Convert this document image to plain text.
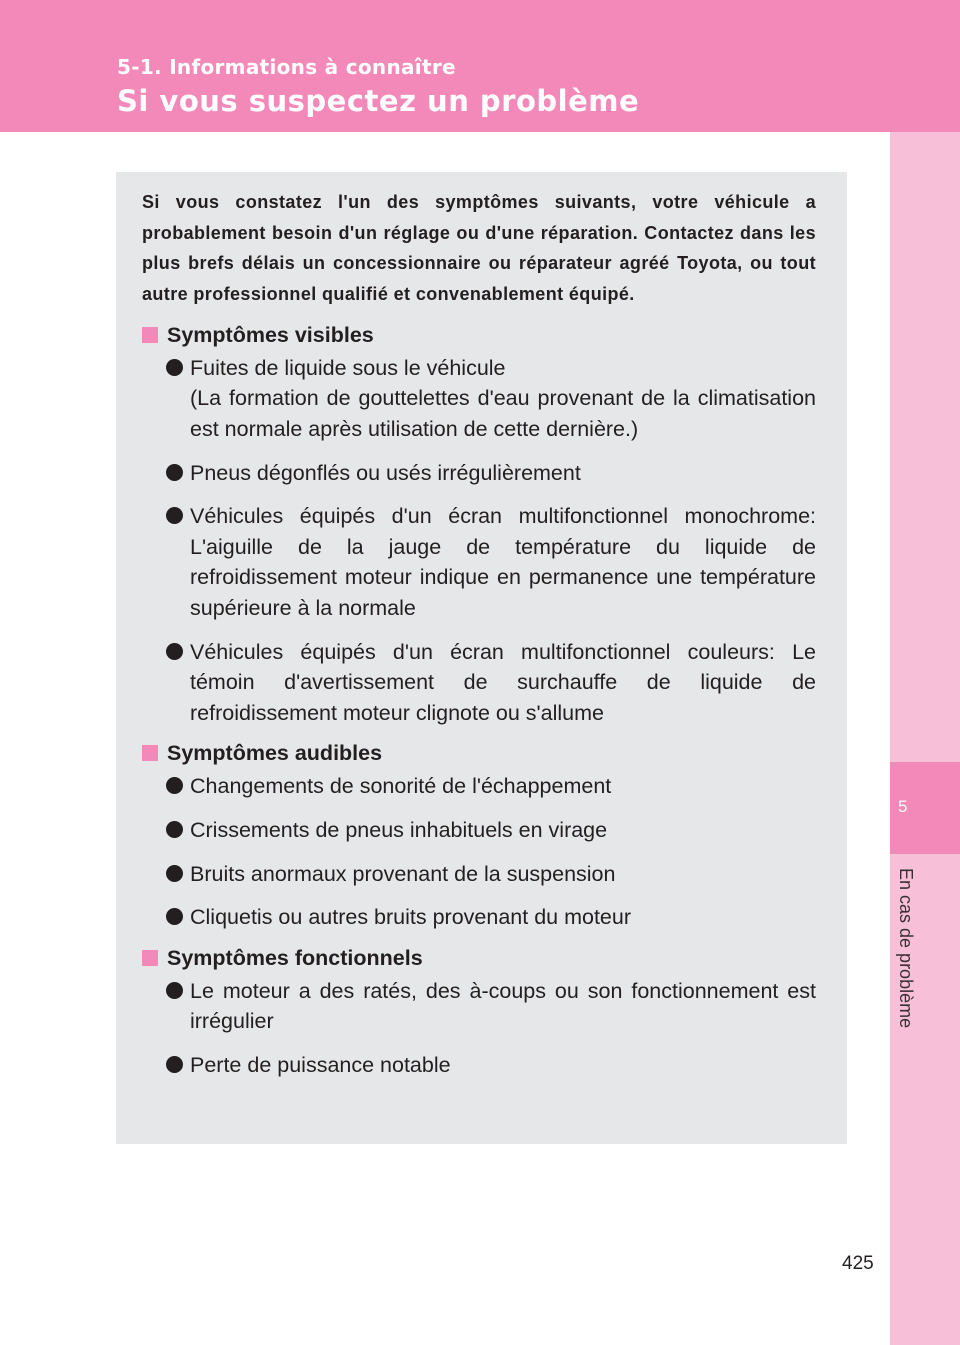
5-1. Informations à connaître
Si vous suspectez un problème
5
En cas de problème

Si vous constatez l'un des symptômes suivants, votre véhicule a probablement besoin d'un réglage ou d'une réparation. Contactez dans les plus brefs délais un concessionnaire ou réparateur agréé Toyota, ou tout autre professionnel qualifié et convenablement équipé.

Symptômes visibles
Fuites de liquide sous le véhicule
(La formation de gouttelettes d'eau provenant de la climatisation est normale après utilisation de cette dernière.)
Pneus dégonflés ou usés irrégulièrement
Véhicules équipés d'un écran multifonctionnel monochrome: L'aiguille de la jauge de température du liquide de refroidissement moteur indique en permanence une température supérieure à la normale
Véhicules équipés d'un écran multifonctionnel couleurs: Le témoin d'avertissement de surchauffe de liquide de refroidissement moteur clignote ou s'allume
Symptômes audibles
Changements de sonorité de l'échappement
Crissements de pneus inhabituels en virage
Bruits anormaux provenant de la suspension
Cliquetis ou autres bruits provenant du moteur
Symptômes fonctionnels
Le moteur a des ratés, des à-coups ou son fonctionnement est irrégulier
Perte de puissance notable
425
